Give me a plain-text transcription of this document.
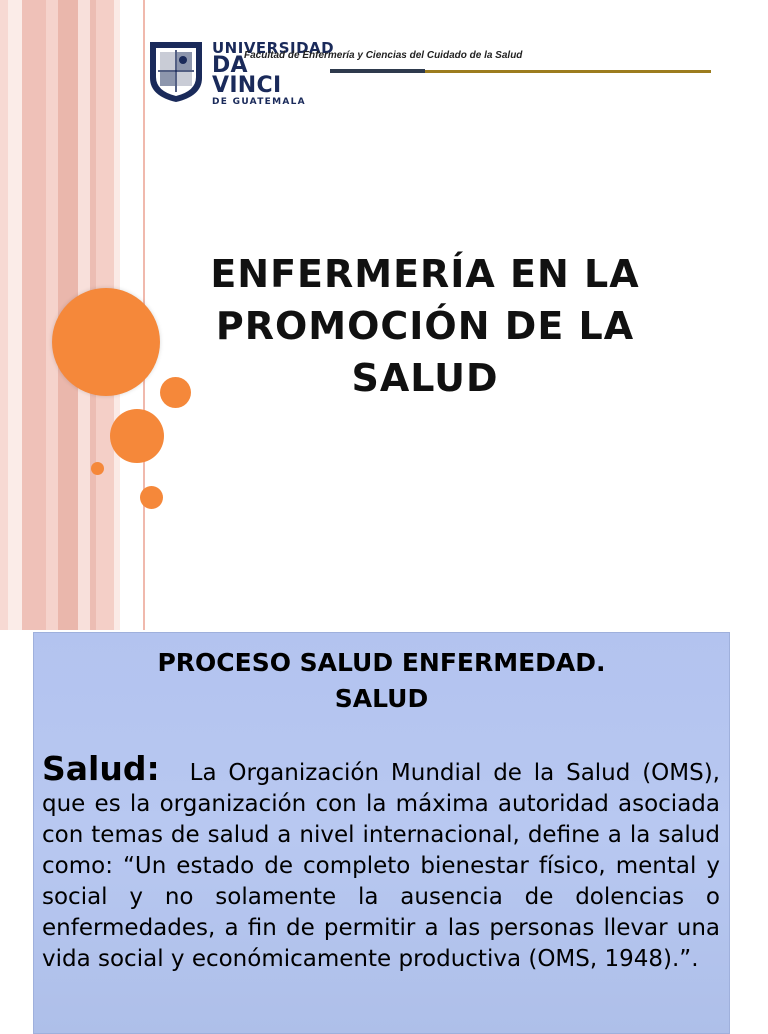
UNIVERSIDAD
DA VINCI
DE GUATEMALA
Facultad de Enfermería y Ciencias del Cuidado de la Salud
ENFERMERÍA EN LA
PROMOCIÓN DE LA
SALUD
PROCESO SALUD ENFERMEDAD.
SALUD
Salud: La Organización Mundial de la Salud (OMS), que es la organización con la máxima autoridad asociada con temas de salud a nivel internacional, define a la salud como: “Un estado de completo bienestar físico, mental y social y no solamente la ausencia de dolencias o enfermedades, a fin de permitir a las personas llevar una vida social y económicamente productiva (OMS, 1948).”.
